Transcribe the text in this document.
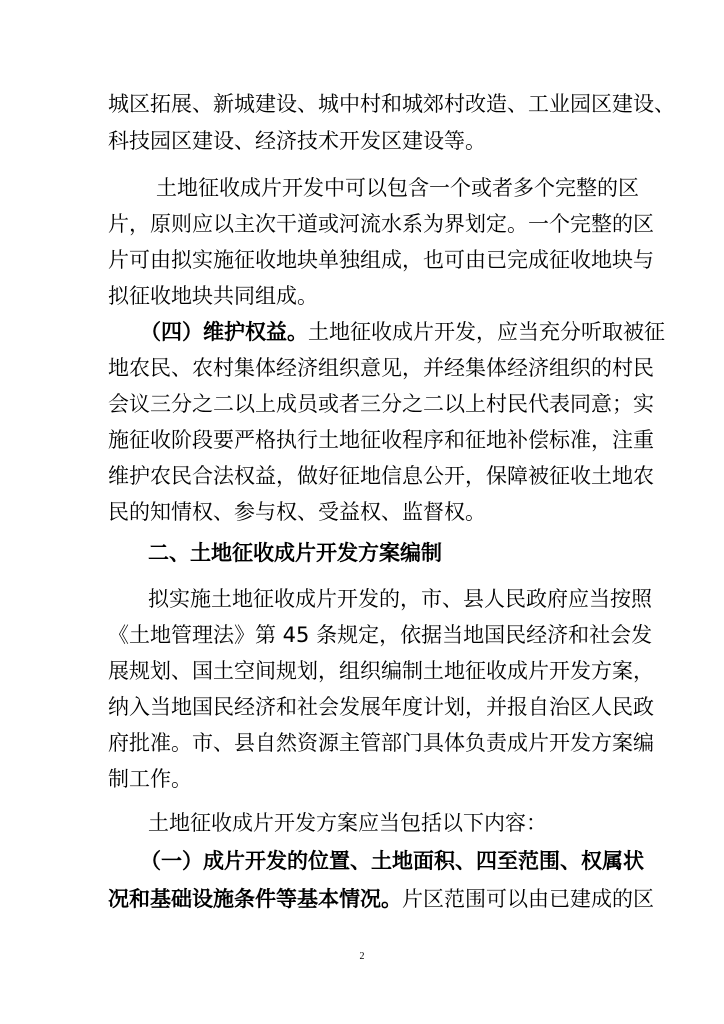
城区拓展、新城建设、城中村和城郊村改造、工业园区建设、
科技园区建设、经济技术开发区建设等。
土地征收成片开发中可以包含一个或者多个完整的区
片，原则应以主次干道或河流水系为界划定。一个完整的区
片可由拟实施征收地块单独组成，也可由已完成征收地块与
拟征收地块共同组成。
（四）维护权益。土地征收成片开发，应当充分听取被征
地农民、农村集体经济组织意见，并经集体经济组织的村民
会议三分之二以上成员或者三分之二以上村民代表同意；实
施征收阶段要严格执行土地征收程序和征地补偿标准，注重
维护农民合法权益，做好征地信息公开，保障被征收土地农
民的知情权、参与权、受益权、监督权。
二、土地征收成片开发方案编制
拟实施土地征收成片开发的，市、县人民政府应当按照
《土地管理法》第 45 条规定，依据当地国民经济和社会发
展规划、国土空间规划，组织编制土地征收成片开发方案，
纳入当地国民经济和社会发展年度计划，并报自治区人民政
府批准。市、县自然资源主管部门具体负责成片开发方案编
制工作。
土地征收成片开发方案应当包括以下内容：
（一）成片开发的位置、土地面积、四至范围、权属状
况和基础设施条件等基本情况。片区范围可以由已建成的区
2
